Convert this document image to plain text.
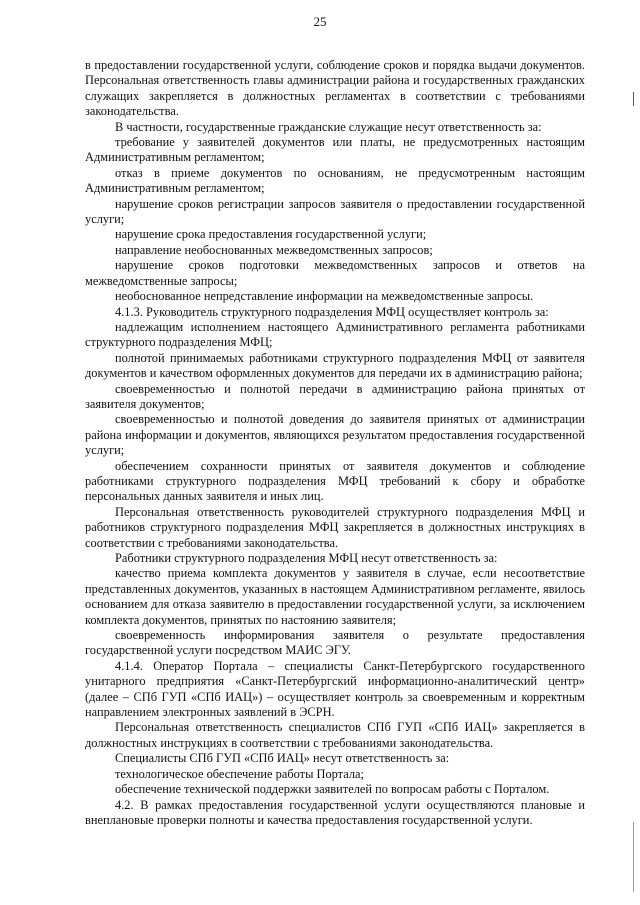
25

в предоставлении государственной услуги, соблюдение сроков и порядка выдачи документов. Персональная ответственность главы администрации района и государственных гражданских служащих закрепляется в должностных регламентах в соответствии с требованиями законодательства.

В частности, государственные гражданские служащие несут ответственность за:

требование у заявителей документов или платы, не предусмотренных настоящим Административным регламентом;

отказ в приеме документов по основаниям, не предусмотренным настоящим Административным регламентом;

нарушение сроков регистрации запросов заявителя о предоставлении государственной услуги;

нарушение срока предоставления государственной услуги;

направление необоснованных межведомственных запросов;

нарушение сроков подготовки межведомственных запросов и ответов на межведомственные запросы;

необоснованное непредставление информации на межведомственные запросы.

4.1.3. Руководитель структурного подразделения МФЦ осуществляет контроль за:

надлежащим исполнением настоящего Административного регламента работниками структурного подразделения МФЦ;

полнотой принимаемых работниками структурного подразделения МФЦ от заявителя документов и качеством оформленных документов для передачи их в администрацию района;

своевременностью и полнотой передачи в администрацию района принятых от заявителя документов;

своевременностью и полнотой доведения до заявителя принятых от администрации района информации и документов, являющихся результатом предоставления государственной услуги;

обеспечением сохранности принятых от заявителя документов и соблюдение работниками структурного подразделения МФЦ требований к сбору и обработке персональных данных заявителя и иных лиц.

Персональная ответственность руководителей структурного подразделения МФЦ и работников структурного подразделения МФЦ закрепляется в должностных инструкциях в соответствии с требованиями законодательства.

Работники структурного подразделения МФЦ несут ответственность за:

качество приема комплекта документов у заявителя в случае, если несоответствие представленных документов, указанных в настоящем Административном регламенте, явилось основанием для отказа заявителю в предоставлении государственной услуги, за исключением комплекта документов, принятых по настоянию заявителя;

своевременность информирования заявителя о результате предоставления государственной услуги посредством МАИС ЭГУ.

4.1.4. Оператор Портала – специалисты Санкт-Петербургского государственного унитарного предприятия «Санкт-Петербургский информационно-аналитический центр» (далее – СПб ГУП «СПб ИАЦ») – осуществляет контроль за своевременным и корректным направлением электронных заявлений в ЭСРН.

Персональная ответственность специалистов СПб ГУП «СПб ИАЦ» закрепляется в должностных инструкциях в соответствии с требованиями законодательства.

Специалисты СПб ГУП «СПб ИАЦ» несут ответственность за:

технологическое обеспечение работы Портала;

обеспечение технической поддержки заявителей по вопросам работы с Порталом.

4.2. В рамках предоставления государственной услуги осуществляются плановые и внеплановые проверки полноты и качества предоставления государственной услуги.
